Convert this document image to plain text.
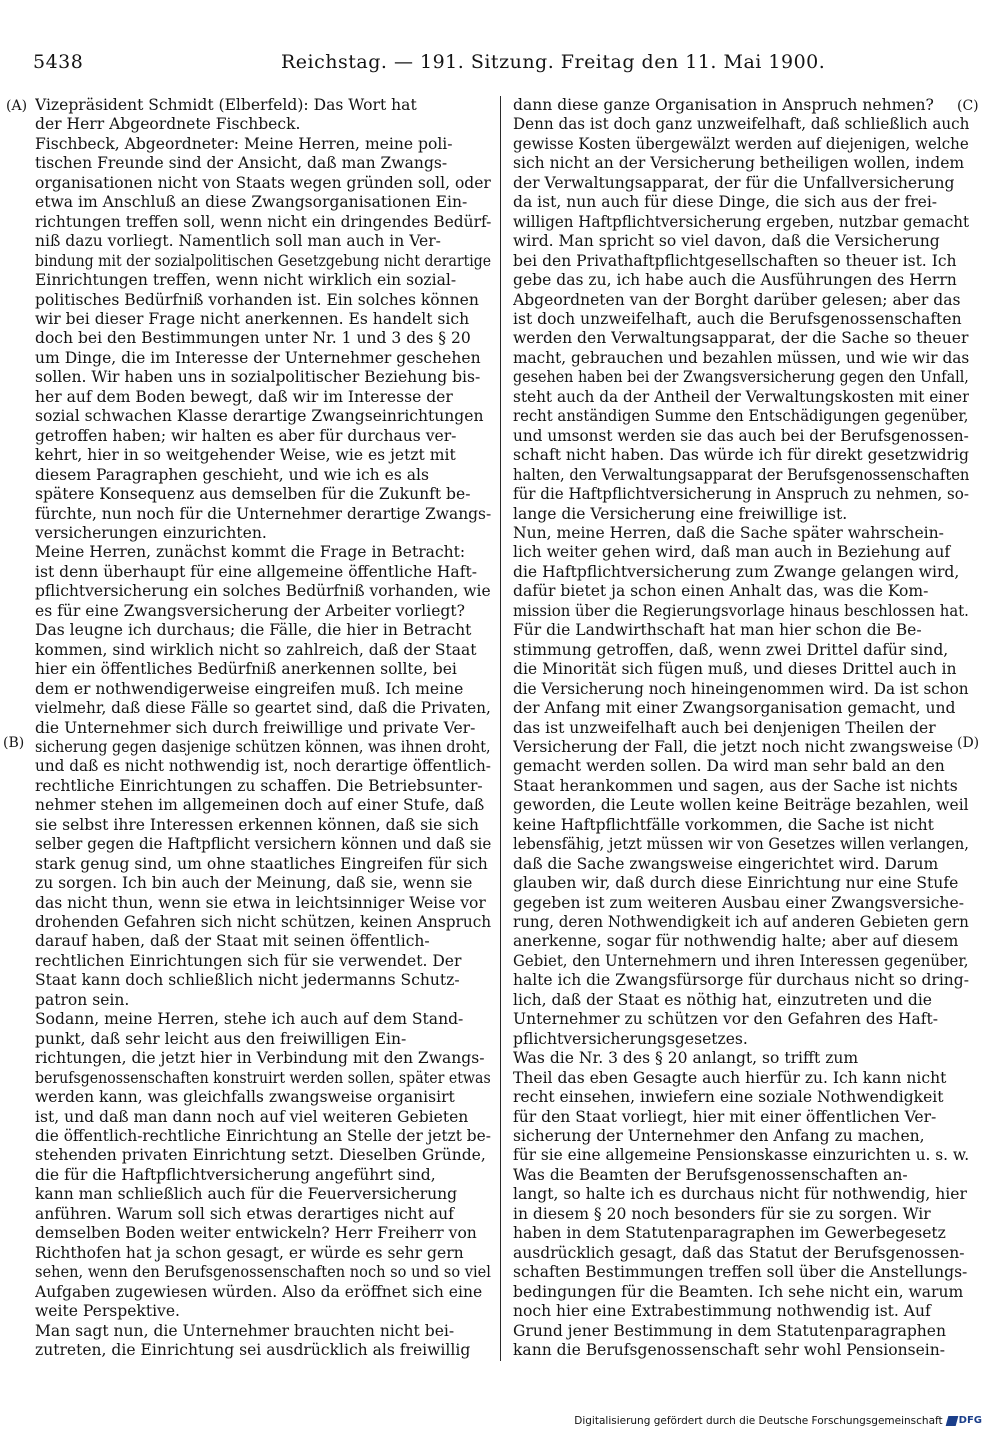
5438	Reichstag. — 191. Sitzung. Freitag den 11. Mai 1900.
(A)
(B)
(C)
(D)
Vizepräsident Schmidt (Elberfeld): Das Wort hat
der Herr Abgeordnete Fischbeck.
Fischbeck, Abgeordneter: Meine Herren, meine poli-
tischen Freunde sind der Ansicht, daß man Zwangs-
organisationen nicht von Staats wegen gründen soll, oder
etwa im Anschluß an diese Zwangsorganisationen Ein-
richtungen treffen soll, wenn nicht ein dringendes Bedürf-
niß dazu vorliegt. Namentlich soll man auch in Ver-
bindung mit der sozialpolitischen Gesetzgebung nicht derartige
Einrichtungen treffen, wenn nicht wirklich ein sozial-
politisches Bedürfniß vorhanden ist. Ein solches können
wir bei dieser Frage nicht anerkennen. Es handelt sich
doch bei den Bestimmungen unter Nr. 1 und 3 des § 20
um Dinge, die im Interesse der Unternehmer geschehen
sollen. Wir haben uns in sozialpolitischer Beziehung bis-
her auf dem Boden bewegt, daß wir im Interesse der
sozial schwachen Klasse derartige Zwangseinrichtungen
getroffen haben; wir halten es aber für durchaus ver-
kehrt, hier in so weitgehender Weise, wie es jetzt mit
diesem Paragraphen geschieht, und wie ich es als
spätere Konsequenz aus demselben für die Zukunft be-
fürchte, nun noch für die Unternehmer derartige Zwangs-
versicherungen einzurichten.
Meine Herren, zunächst kommt die Frage in Betracht:
ist denn überhaupt für eine allgemeine öffentliche Haft-
pflichtversicherung ein solches Bedürfniß vorhanden, wie
es für eine Zwangsversicherung der Arbeiter vorliegt?
Das leugne ich durchaus; die Fälle, die hier in Betracht
kommen, sind wirklich nicht so zahlreich, daß der Staat
hier ein öffentliches Bedürfniß anerkennen sollte, bei
dem er nothwendigerweise eingreifen muß. Ich meine
vielmehr, daß diese Fälle so geartet sind, daß die Privaten,
die Unternehmer sich durch freiwillige und private Ver-
sicherung gegen dasjenige schützen können, was ihnen droht,
und daß es nicht nothwendig ist, noch derartige öffentlich-
rechtliche Einrichtungen zu schaffen. Die Betriebsunter-
nehmer stehen im allgemeinen doch auf einer Stufe, daß
sie selbst ihre Interessen erkennen können, daß sie sich
selber gegen die Haftpflicht versichern können und daß sie
stark genug sind, um ohne staatliches Eingreifen für sich
zu sorgen. Ich bin auch der Meinung, daß sie, wenn sie
das nicht thun, wenn sie etwa in leichtsinniger Weise vor
drohenden Gefahren sich nicht schützen, keinen Anspruch
darauf haben, daß der Staat mit seinen öffentlich-
rechtlichen Einrichtungen sich für sie verwendet. Der
Staat kann doch schließlich nicht jedermanns Schutz-
patron sein.
Sodann, meine Herren, stehe ich auch auf dem Stand-
punkt, daß sehr leicht aus den freiwilligen Ein-
richtungen, die jetzt hier in Verbindung mit den Zwangs-
berufsgenossenschaften konstruirt werden sollen, später etwas
werden kann, was gleichfalls zwangsweise organisirt
ist, und daß man dann noch auf viel weiteren Gebieten
die öffentlich-rechtliche Einrichtung an Stelle der jetzt be-
stehenden privaten Einrichtung setzt. Dieselben Gründe,
die für die Haftpflichtversicherung angeführt sind,
kann man schließlich auch für die Feuerversicherung
anführen. Warum soll sich etwas derartiges nicht auf
demselben Boden weiter entwickeln? Herr Freiherr von
Richthofen hat ja schon gesagt, er würde es sehr gern
sehen, wenn den Berufsgenossenschaften noch so und so viel
Aufgaben zugewiesen würden. Also da eröffnet sich eine
weite Perspektive.
Man sagt nun, die Unternehmer brauchten nicht bei-
zutreten, die Einrichtung sei ausdrücklich als freiwillig
dann diese ganze Organisation in Anspruch nehmen?
Denn das ist doch ganz unzweifelhaft, daß schließlich auch
gewisse Kosten übergewälzt werden auf diejenigen, welche
sich nicht an der Versicherung betheiligen wollen, indem
der Verwaltungsapparat, der für die Unfallversicherung
da ist, nun auch für diese Dinge, die sich aus der frei-
willigen Haftpflichtversicherung ergeben, nutzbar gemacht
wird. Man spricht so viel davon, daß die Versicherung
bei den Privathaftpflichtgesellschaften so theuer ist. Ich
gebe das zu, ich habe auch die Ausführungen des Herrn
Abgeordneten van der Borght darüber gelesen; aber das
ist doch unzweifelhaft, auch die Berufsgenossenschaften
werden den Verwaltungsapparat, der die Sache so theuer
macht, gebrauchen und bezahlen müssen, und wie wir das
gesehen haben bei der Zwangsversicherung gegen den Unfall,
steht auch da der Antheil der Verwaltungskosten mit einer
recht anständigen Summe den Entschädigungen gegenüber,
und umsonst werden sie das auch bei der Berufsgenossen-
schaft nicht haben. Das würde ich für direkt gesetzwidrig
halten, den Verwaltungsapparat der Berufsgenossenschaften
für die Haftpflichtversicherung in Anspruch zu nehmen, so-
lange die Versicherung eine freiwillige ist.
Nun, meine Herren, daß die Sache später wahrschein-
lich weiter gehen wird, daß man auch in Beziehung auf
die Haftpflichtversicherung zum Zwange gelangen wird,
dafür bietet ja schon einen Anhalt das, was die Kom-
mission über die Regierungsvorlage hinaus beschlossen hat.
Für die Landwirthschaft hat man hier schon die Be-
stimmung getroffen, daß, wenn zwei Drittel dafür sind,
die Minorität sich fügen muß, und dieses Drittel auch in
die Versicherung noch hineingenommen wird. Da ist schon
der Anfang mit einer Zwangsorganisation gemacht, und
das ist unzweifelhaft auch bei denjenigen Theilen der
Versicherung der Fall, die jetzt noch nicht zwangsweise
gemacht werden sollen. Da wird man sehr bald an den
Staat herankommen und sagen, aus der Sache ist nichts
geworden, die Leute wollen keine Beiträge bezahlen, weil
keine Haftpflichtfälle vorkommen, die Sache ist nicht
lebensfähig, jetzt müssen wir von Gesetzes willen verlangen,
daß die Sache zwangsweise eingerichtet wird. Darum
glauben wir, daß durch diese Einrichtung nur eine Stufe
gegeben ist zum weiteren Ausbau einer Zwangsversiche-
rung, deren Nothwendigkeit ich auf anderen Gebieten gern
anerkenne, sogar für nothwendig halte; aber auf diesem
Gebiet, den Unternehmern und ihren Interessen gegenüber,
halte ich die Zwangsfürsorge für durchaus nicht so dring-
lich, daß der Staat es nöthig hat, einzutreten und die
Unternehmer zu schützen vor den Gefahren des Haft-
pflichtversicherungsgesetzes.
Was die Nr. 3 des § 20 anlangt, so trifft zum
Theil das eben Gesagte auch hierfür zu. Ich kann nicht
recht einsehen, inwiefern eine soziale Nothwendigkeit
für den Staat vorliegt, hier mit einer öffentlichen Ver-
sicherung der Unternehmer den Anfang zu machen,
für sie eine allgemeine Pensionskasse einzurichten u. s. w.
Was die Beamten der Berufsgenossenschaften an-
langt, so halte ich es durchaus nicht für nothwendig, hier
in diesem § 20 noch besonders für sie zu sorgen. Wir
haben in dem Statutenparagraphen im Gewerbegesetz
ausdrücklich gesagt, daß das Statut der Berufsgenossen-
schaften Bestimmungen treffen soll über die Anstellungs-
bedingungen für die Beamten. Ich sehe nicht ein, warum
noch hier eine Extrabestimmung nothwendig ist. Auf
Grund jener Bestimmung in dem Statutenparagraphen
kann die Berufsgenossenschaft sehr wohl Pensionsein-
Digitalisierung gefördert durch die Deutsche Forschungsgemeinschaft DFG
